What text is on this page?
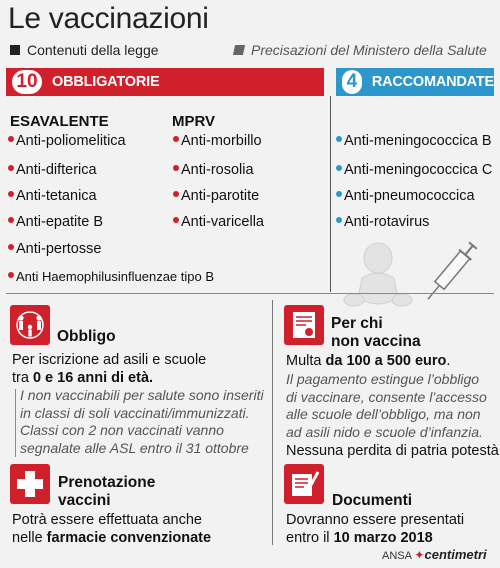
Le vaccinazioni
Contenuti della legge	Precisazioni del Ministero della Salute
10 OBBLIGATORIE	4	RACCOMANDATE
ESAVALENTE
Anti-poliomelitica
Anti-difterica
Anti-tetanica
Anti-epatite B
Anti-pertosse
Anti Haemophilusinfluenzae tipo B
MPRV
Anti-morbillo
Anti-rosolia
Anti-parotite
Anti-varicella
Anti-meningococcica B
Anti-meningococcica C
Anti-pneumococcica
Anti-rotavirus
Obbligo
Per iscrizione ad asili e scuole
tra 0 e 16 anni di età.
I non vaccinabili per salute sono inseriti
in classi di soli vaccinati/immunizzati.
Classi con 2 non vaccinati vanno
segnalate alle ASL entro il 31 ottobre
Per chi
non vaccina
Multa da 100 a 500 euro.
Il pagamento estingue l’obbligo
di vaccinare, consente l’accesso
alle scuole dell’obbligo, ma non
ad asili nido e scuole d’infanzia.
Nessuna perdita di patria potestà
Prenotazione
vaccini
Potrà essere effettuata anche
nelle farmacie convenzionate
Documenti
Dovranno essere presentati
entro il 10 marzo 2018
ANSA ✦centimetri
